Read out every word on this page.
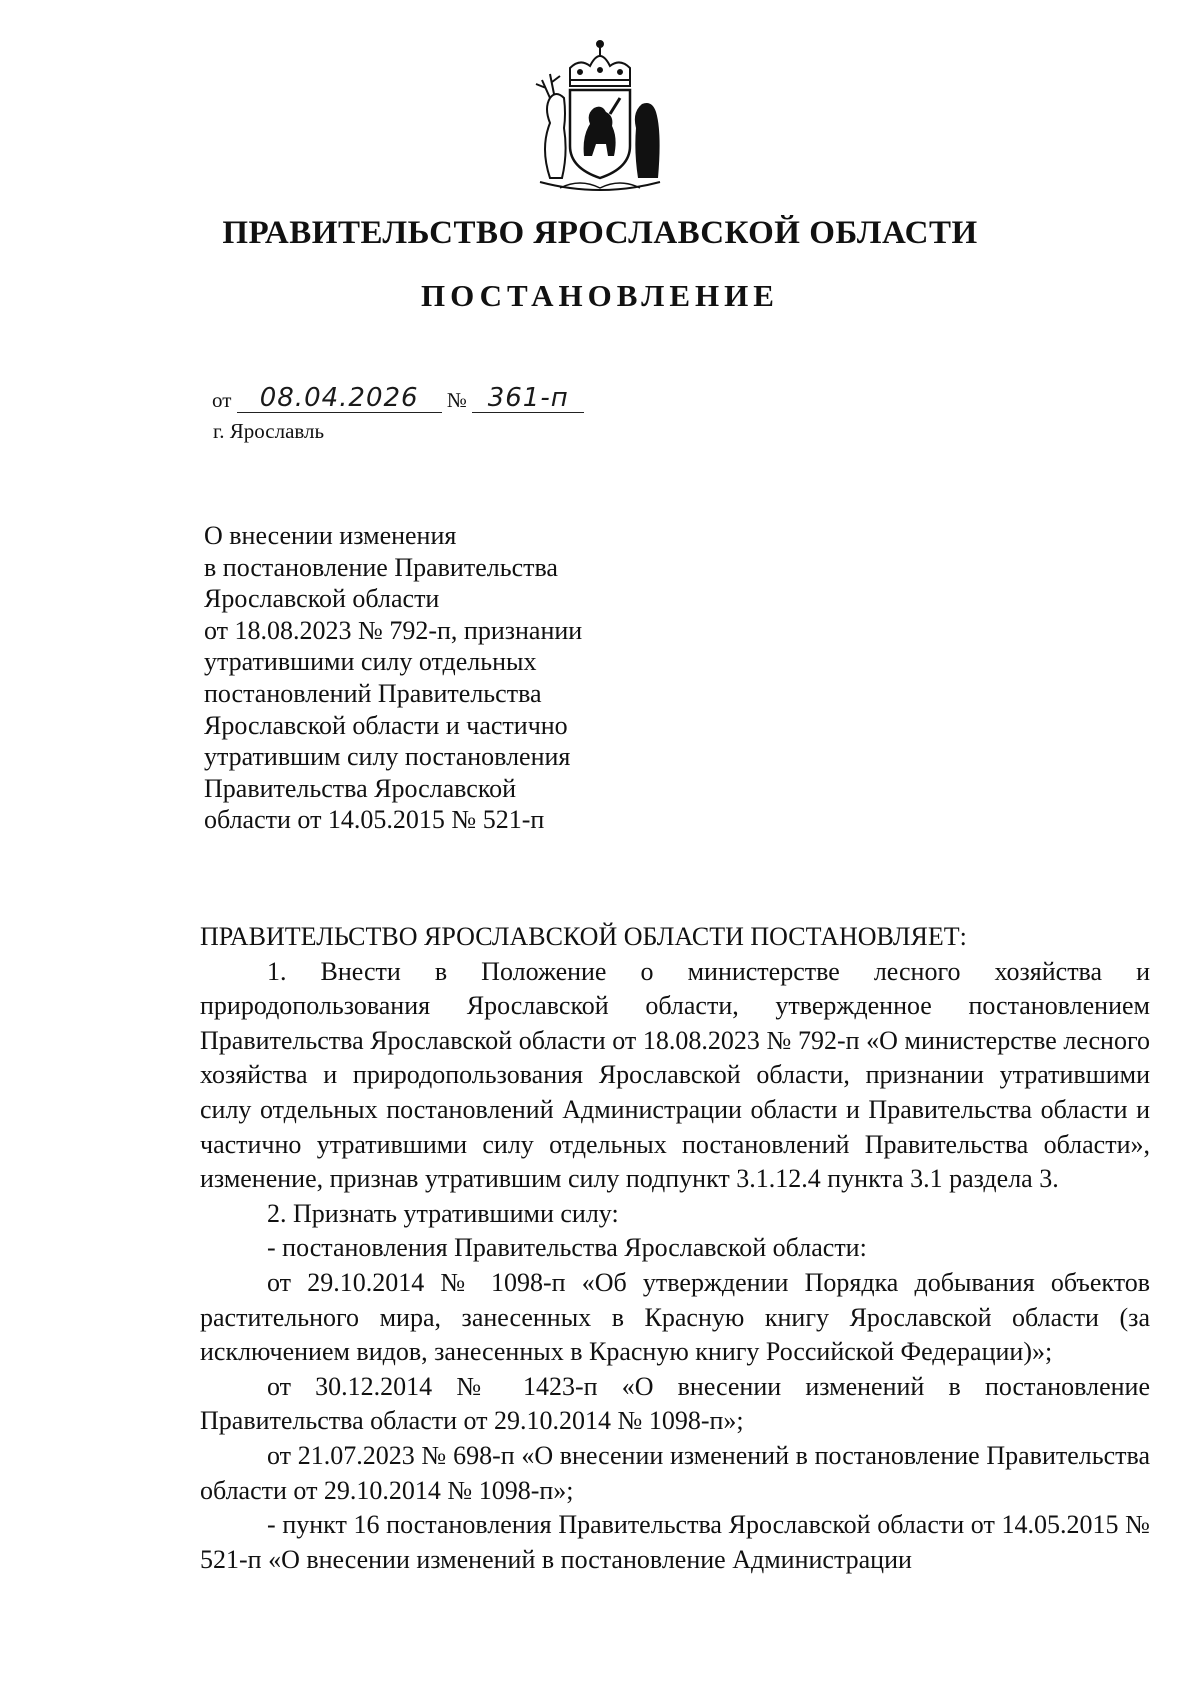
ПРАВИТЕЛЬСТВО ЯРОСЛАВСКОЙ ОБЛАСТИ
ПОСТАНОВЛЕНИЕ
от 08.04.2026 № 361-п
г. Ярославль
О внесении изменения
в постановление Правительства
Ярославской области
от 18.08.2023 № 792-п, признании
утратившими силу отдельных
постановлений Правительства
Ярославской области и частично
утратившим силу постановления
Правительства Ярославской
области от 14.05.2015 № 521-п

ПРАВИТЕЛЬСТВО ЯРОСЛАВСКОЙ ОБЛАСТИ ПОСТАНОВЛЯЕТ:

1. Внести в Положение о министерстве лесного хозяйства и природопользования Ярославской области, утвержденное постановлением Правительства Ярославской области от 18.08.2023 № 792-п «О министерстве лесного хозяйства и природопользования Ярославской области, признании утратившими силу отдельных постановлений Администрации области и Правительства области и частично утратившими силу отдельных постановлений Правительства области», изменение, признав утратившим силу подпункт 3.1.12.4 пункта 3.1 раздела 3.

2. Признать утратившими силу:

- постановления Правительства Ярославской области:

от 29.10.2014 № 1098-п «Об утверждении Порядка добывания объектов растительного мира, занесенных в Красную книгу Ярославской области (за исключением видов, занесенных в Красную книгу Российской Федерации)»;

от 30.12.2014 № 1423-п «О внесении изменений в постановление Правительства области от 29.10.2014 № 1098-п»;

от 21.07.2023 № 698-п «О внесении изменений в постановление Правительства области от 29.10.2014 № 1098-п»;

- пункт 16 постановления Правительства Ярославской области от 14.05.2015 № 521-п «О внесении изменений в постановление Администрации
